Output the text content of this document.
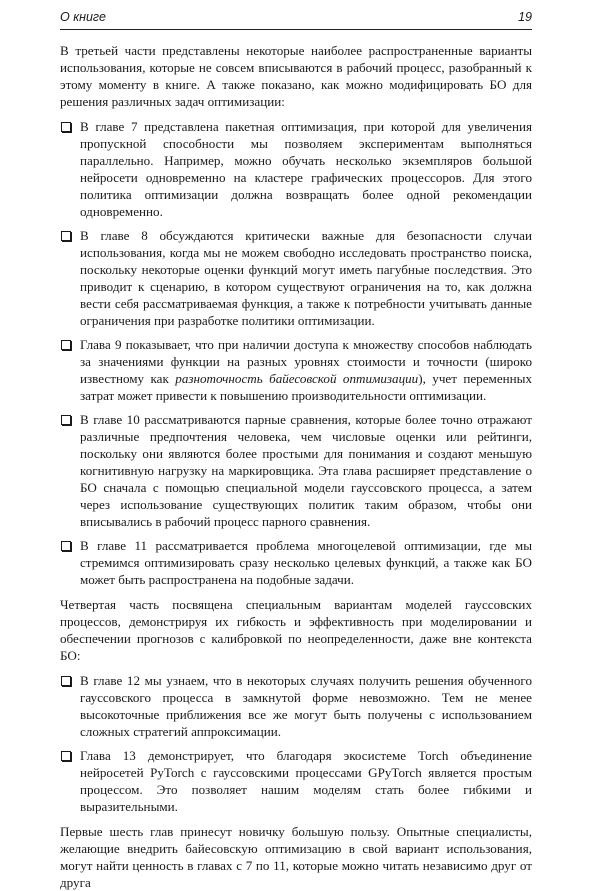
О книге	19

В третьей части представлены некоторые наиболее распространенные варианты использования, которые не совсем вписываются в рабочий процесс, разобранный к этому моменту в книге. А также показано, как можно модифицировать БО для решения различных задач оптимизации:

В главе 7 представлена пакетная оптимизация, при которой для увеличения пропускной способности мы позволяем экспериментам выполняться параллельно. Например, можно обучать несколько экземпляров большой нейросети одновременно на кластере графических процессоров. Для этого политика оптимизации должна возвращать более одной рекомендации одновременно.
В главе 8 обсуждаются критически важные для безопасности случаи использования, когда мы не можем свободно исследовать пространство поиска, поскольку некоторые оценки функций могут иметь пагубные последствия. Это приводит к сценарию, в котором существуют ограничения на то, как должна вести себя рассматриваемая функция, а также к потребности учитывать данные ограничения при разработке политики оптимизации.
Глава 9 показывает, что при наличии доступа к множеству способов наблюдать за значениями функции на разных уровнях стоимости и точности (широко известному как разноточность байесовской оптимизации), учет переменных затрат может привести к повышению производительности оптимизации.
В главе 10 рассматриваются парные сравнения, которые более точно отражают различные предпочтения человека, чем числовые оценки или рейтинги, поскольку они являются более простыми для понимания и создают меньшую когнитивную нагрузку на маркировщика. Эта глава расширяет представление о БО сначала с помощью специальной модели гауссовского процесса, а затем через использование существующих политик таким образом, чтобы они вписывались в рабочий процесс парного сравнения.
В главе 11 рассматривается проблема многоцелевой оптимизации, где мы стремимся оптимизировать сразу несколько целевых функций, а также как БО может быть распространена на подобные задачи.

Четвертая часть посвящена специальным вариантам моделей гауссовских процессов, демонстрируя их гибкость и эффективность при моделировании и обеспечении прогнозов с калибровкой по неопределенности, даже вне контекста БО:

В главе 12 мы узнаем, что в некоторых случаях получить решения обученного гауссовского процесса в замкнутой форме невозможно. Тем не менее высокоточные приближения все же могут быть получены с использованием сложных стратегий аппроксимации.
Глава 13 демонстрирует, что благодаря экосистеме Torch объединение нейросетей PyTorch с гауссовскими процессами GPyTorch является простым процессом. Это позволяет нашим моделям стать более гибкими и выразительными.

Первые шесть глав принесут новичку большую пользу. Опытные специалисты, желающие внедрить байесовскую оптимизацию в свой вариант использования, могут найти ценность в главах с 7 по 11, которые можно читать независимо друг от друга
